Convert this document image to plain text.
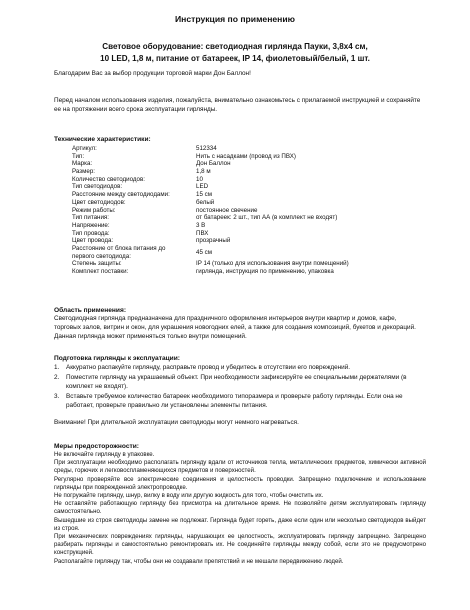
Инструкция по применению
Световое оборудование: светодиодная гирлянда Пауки, 3,8х4 см,
10 LED, 1,8 м, питание от батареек, IP 14, фиолетовый/белый, 1 шт.
Благодарим Вас за выбор продукции торговой марки Дон Баллон!
Перед началом использования изделия, пожалуйста, внимательно ознакомьтесь с прилагаемой инструкцией и сохраняйте ее на протяжении всего срока эксплуатации гирлянды.
Технические характеристики:
Артикул:	512334
Тип:	Нить с насадками (провод из ПВХ)
Марка:	Дон Баллон
Размер:	1,8 м
Количество светодиодов:	10
Тип светодиодов:	LED
Расстояние между светодиодами:	15 см
Цвет светодиодов:	белый
Режим работы:	постоянное свечение
Тип питания:	от батареек: 2 шт., тип АА (в комплект не входят)
Напряжение:	3 В
Тип провода:	ПВХ
Цвет провода:	прозрачный
Расстояние от блока питания до первого светодиода:
45 см
Степень защиты:	IP 14 (только для использования внутри помещений)
Комплект поставки:	гирлянда, инструкция по применению, упаковка
Область применения:
Светодиодная гирлянда предназначена для праздничного оформления интерьеров внутри квартир и домов, кафе, торговых залов, витрин и окон, для украшения новогодних елей, а также для создания композиций, букетов и декораций. Данная гирлянда может применяться только внутри помещений.
Подготовка гирлянды к эксплуатации:
1. Аккуратно распакуйте гирлянду, расправьте провод и убедитесь в отсутствии его повреждений.
2. Поместите гирлянду на украшаемый объект. При необходимости зафиксируйте ее специальными держателями (в комплект не входят).
3. Вставьте требуемое количество батареек необходимого типоразмера и проверьте работу гирлянды. Если она не работает, проверьте правильно ли установлены элементы питания.
Внимание! При длительной эксплуатации светодиоды могут немного нагреваться.
Меры предосторожности:
Не включайте гирлянду в упаковке.
При эксплуатации необходимо располагать гирлянду вдали от источников тепла, металлических предметов, химически активной среды, горючих и легковоспламеняющихся предметов и поверхностей.
Регулярно проверяйте все электрические соединения и целостность проводки. Запрещено подключение и использование гирлянды при поврежденной электропроводке.
Не погружайте гирлянду, шнур, вилку в воду или другую жидкость для того, чтобы очистить их.
Не оставляйте работающую гирлянду без присмотра на длительное время. Не позволяйте детям эксплуатировать гирлянду самостоятельно.
Вышедшие из строя светодиоды замене не подлежат. Гирлянда будет гореть, даже если один или несколько светодиодов выйдет из строя.
При механических повреждениях гирлянды, нарушающих ее целостность, эксплуатировать гирлянду запрещено. Запрещено разбирать гирлянды и самостоятельно ремонтировать их. Не соединяйте гирлянды между собой, если это не предусмотрено конструкцией.
Располагайте гирлянду так, чтобы они не создавали препятствий и не мешали передвижению людей.
